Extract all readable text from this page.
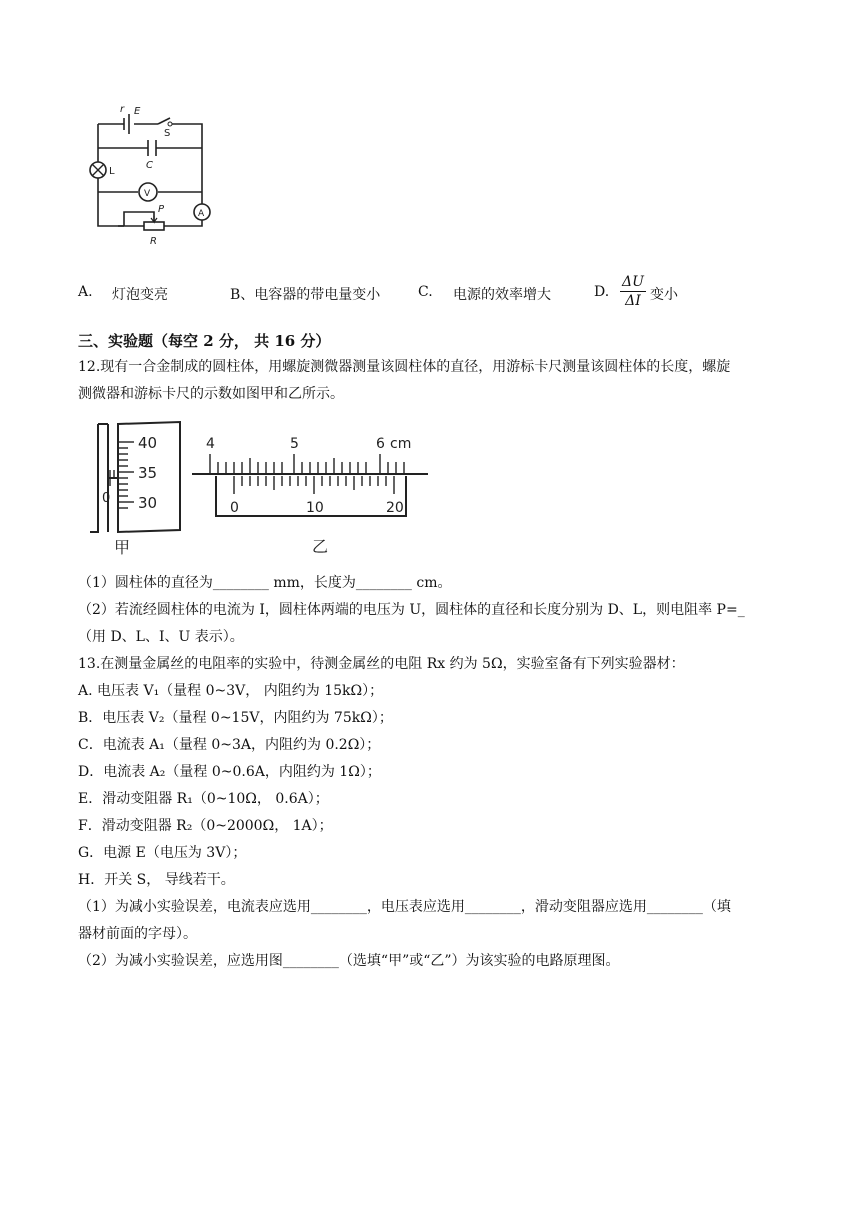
r E
S
C
L
V
A
P
R
A. 灯泡变亮	B、电容器的带电量变小	C. 电源的效率增大	D. $\frac{\Delta U}{\Delta I}$ 变小
三、实验题（每空 2 分， 共 16 分）
12.现有一合金制成的圆柱体，用螺旋测微器测量该圆柱体的直径，用游标卡尺测量该圆柱体的长度，螺旋
测微器和游标卡尺的示数如图甲和乙所示。
40
35
30
0
甲
4	5	6 cm
0	10	20
乙
（1）圆柱体的直径为________ mm，长度为________ cm。
（2）若流经圆柱体的电流为 I，圆柱体两端的电压为 U，圆柱体的直径和长度分别为 D、L，则电阻率 P=_
（用 D、L、I、U 表示）。
13.在测量金属丝的电阻率的实验中，待测金属丝的电阻 Rx 约为 5Ω，实验室备有下列实验器材：
A. 电压表 V₁（量程 0~3V， 内阻约为 15kΩ）；
B．电压表 V₂（量程 0~15V，内阻约为 75kΩ）；
C．电流表 A₁（量程 0~3A，内阻约为 0.2Ω）；
D．电流表 A₂（量程 0~0.6A，内阻约为 1Ω）；
E．滑动变阻器 R₁（0~10Ω， 0.6A）；
F．滑动变阻器 R₂（0~2000Ω， 1A）；
G．电源 E（电压为 3V）；
H．开关 S， 导线若干。
（1）为减小实验误差，电流表应选用________，电压表应选用________，滑动变阻器应选用________（填
器材前面的字母）。
（2）为减小实验误差，应选用图________（选填“甲”或“乙”）为该实验的电路原理图。
